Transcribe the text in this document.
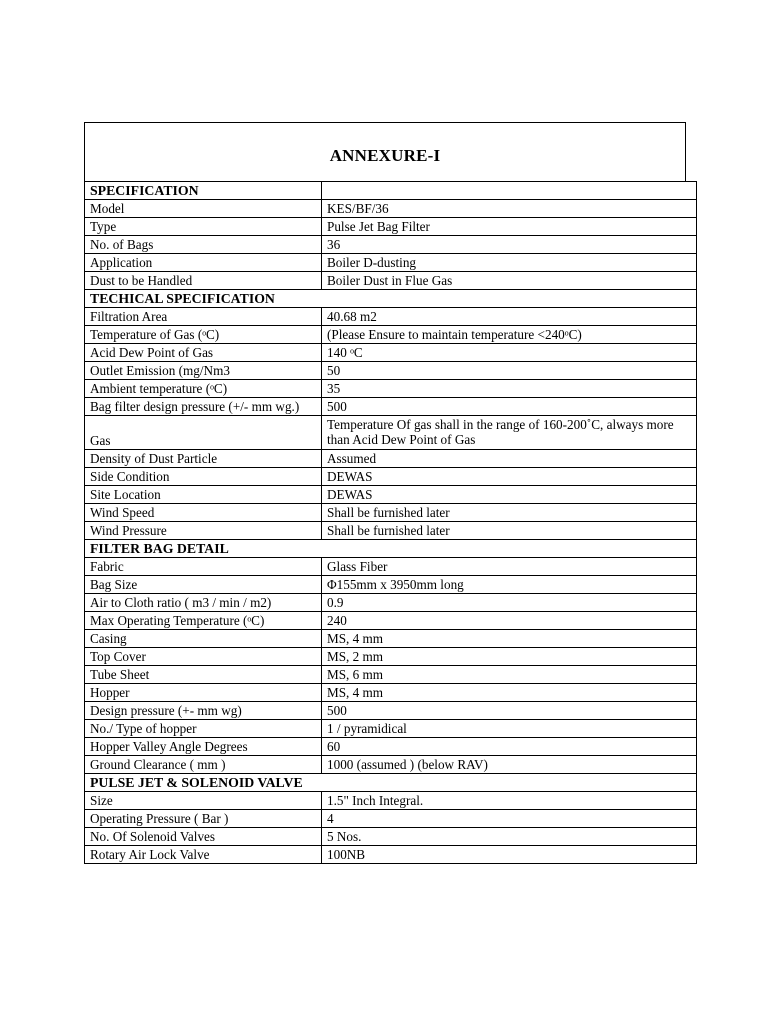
ANNEXURE-I
SPECIFICATION	
Model	KES/BF/36
Type	Pulse Jet Bag Filter
No. of Bags	36
Application	Boiler D-dusting
Dust to be Handled	Boiler Dust in Flue Gas
TECHICAL SPECIFICATION	
Filtration Area	40.68 m2
Temperature of Gas (ᵒC)	(Please Ensure to maintain temperature <240ᵒC)
Acid Dew Point of Gas	140 ᵒC
Outlet Emission (mg/Nm3	50
Ambient temperature (ᵒC)	35
Bag filter design pressure (+/- mm wg.)	500
Gas	Temperature Of gas shall in the range of 160-200˚C, always more than Acid Dew Point of Gas
Density of Dust Particle	Assumed
Side Condition	DEWAS
Site Location	DEWAS
Wind Speed	Shall be furnished later
Wind Pressure	Shall be furnished later
FILTER BAG DETAIL	
Fabric	Glass Fiber
Bag Size	Φ155mm x 3950mm long
Air to Cloth ratio ( m3 / min / m2)	0.9
Max Operating Temperature (ᵒC)	240
Casing	MS, 4 mm
Top Cover	MS, 2 mm
Tube Sheet	MS, 6 mm
Hopper	MS, 4 mm
Design pressure (+- mm wg)	500
No./ Type of hopper	1 / pyramidical
Hopper Valley Angle Degrees	60
Ground Clearance ( mm )	1000 (assumed ) (below RAV)
PULSE JET & SOLENOID VALVE	
Size	1.5" Inch Integral.
Operating Pressure ( Bar )	4
No. Of Solenoid Valves	5 Nos.
Rotary Air Lock Valve	100NB
